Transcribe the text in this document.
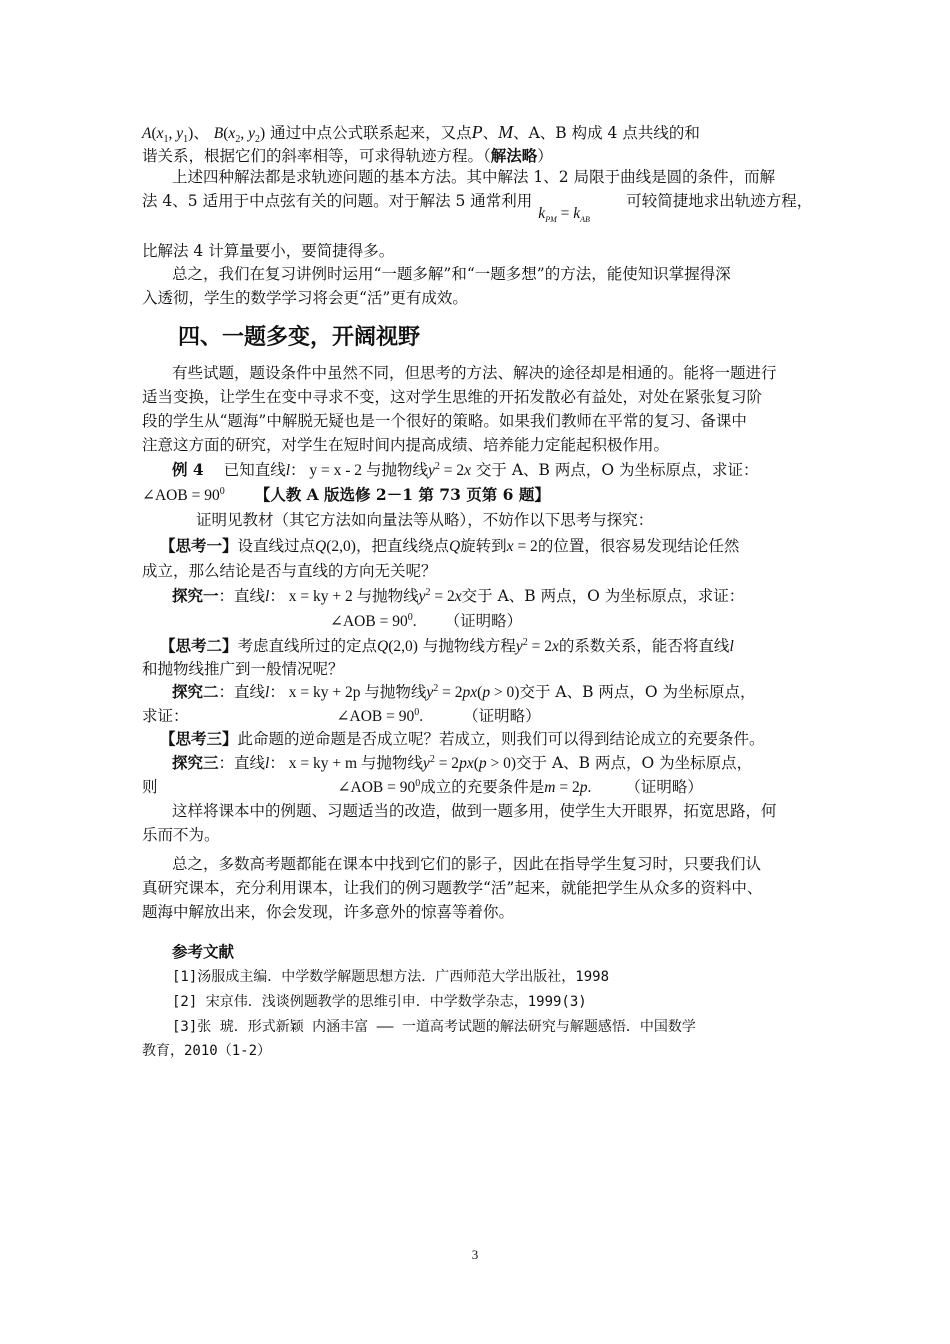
$A(x_1$, $y_1$)、 $B(x_2$, $y_2$) 通过中点公式联系起来，又点P、M、A、B 构成 4 点共线的和
谐关系，根据它们的斜率相等，可求得轨迹方程。（解法略）
上述四种解法都是求轨迹问题的基本方法。其中解法 1、2 局限于曲线是圆的条件，而解
法 4、5 适用于中点弦有关的问题。对于解法 5 通常利用$k_{PM} = k_{AB}$可较简捷地求出轨迹方程，
比解法 4 计算量要小，要简捷得多。
总之，我们在复习讲例时运用“一题多解”和“一题多想”的方法，能使知识掌握得深
入透彻，学生的数学学习将会更“活”更有成效。
四、一题多变，开阔视野
有些试题，题设条件中虽然不同，但思考的方法、解决的途径却是相通的。能将一题进行
适当变换，让学生在变中寻求不变，这对学生思维的开拓发散必有益处，对处在紧张复习阶
段的学生从“题海”中解脱无疑也是一个很好的策略。如果我们教师在平常的复习、备课中
注意这方面的研究，对学生在短时间内提高成绩、培养能力定能起积极作用。
例 4 已知直线l： y = x - 2 与抛物线$y^2 = 2x$ 交于 A、B 两点，O 为坐标原点，求证：
∠AOB = $90^0$ 【人教 A 版选修 2－1 第 73 页第 6 题】
证明见教材（其它方法如向量法等从略），不妨作以下思考与探究：
【思考一】设直线过点Q(2,0)，把直线绕点Q旋转到x = 2的位置，很容易发现结论任然
成立，那么结论是否与直线的方向无关呢？
探究一：直线l： x = ky + 2 与抛物线$y^2 = 2x$交于 A、B 两点，O 为坐标原点，求证：
∠AOB = $90^0$. （证明略）
【思考二】考虑直线所过的定点Q(2,0) 与抛物线方程$y^2 = 2x$的系数关系，能否将直线l
和抛物线推广到一般情况呢？
探究二：直线l： x = ky + 2p 与抛物线$y^2 = 2px(p > 0)$交于 A、B 两点，O 为坐标原点，
求证：	∠AOB = $90^0$.	（证明略）
【思考三】此命题的逆命题是否成立呢？若成立，则我们可以得到结论成立的充要条件。
探究三：直线l： x = ky + m 与抛物线$y^2 = 2px(p > 0)$交于 A、B 两点，O 为坐标原点，
则	∠AOB = $90^0$成立的充要条件是m = 2p. （证明略）
这样将课本中的例题、习题适当的改造，做到一题多用，使学生大开眼界，拓宽思路，何
乐而不为。
总之，多数高考题都能在课本中找到它们的影子，因此在指导学生复习时，只要我们认
真研究课本，充分利用课本，让我们的例习题教学“活”起来，就能把学生从众多的资料中、
题海中解放出来，你会发现，许多意外的惊喜等着你。
参考文献
[1]汤服成主编．中学数学解题思想方法．广西师范大学出版社，1998
[2] 宋京伟．浅谈例题教学的思维引申．中学数学杂志，1999(3)
[3]张 琥．形式新颖 内涵丰富 —— 一道高考试题的解法研究与解题感悟．中国数学
教育，2010（1-2）
3
